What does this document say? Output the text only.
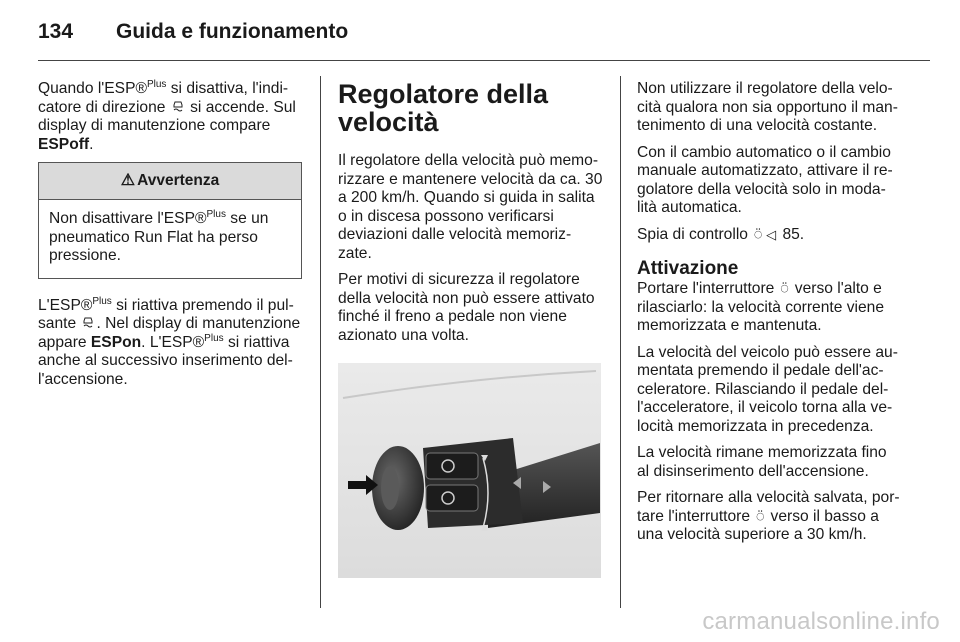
134	Guida e funzionamento

Quando l'ESP®$^{Plus}$ si disattiva, l'indi- catore di direzione  si accende. Sul display di manutenzione compare ESPoff.

⚠ Avvertenza
Non disattivare l'ESP®$^{Plus}$ se un pneumatico Run Flat ha perso pressione.

L'ESP®$^{Plus}$ si riattiva premendo il pul- sante . Nel display di manutenzione appare ESPon. L'ESP®$^{Plus}$ si riattiva anche al successivo inserimento del- l'accensione.

Regolatore della velocità

Il regolatore della velocità può memo- rizzare e mantenere velocità da ca. 30 a 200 km/h. Quando si guida in salita o in discesa possono verificarsi deviazioni dalle velocità memoriz- zate.

Per motivi di sicurezza il regolatore della velocità non può essere attivato finché il freno a pedale non viene azionato una volta.

Non utilizzare il regolatore della velo- cità qualora non sia opportuno il man- tenimento di una velocità costante.

Con il cambio automatico o il cambio manuale automatizzato, attivare il re- golatore della velocità solo in moda- lità automatica.

Spia di controllo ⍥ ◁ 85.

Attivazione

Portare l'interruttore ⍥ verso l'alto e rilasciarlo: la velocità corrente viene memorizzata e mantenuta.

La velocità del veicolo può essere au- mentata premendo il pedale dell'ac- celeratore. Rilasciando il pedale del- l'acceleratore, il veicolo torna alla ve- locità memorizzata in precedenza.

La velocità rimane memorizzata fino al disinserimento dell'accensione.

Per ritornare alla velocità salvata, por- tare l'interruttore ⍥ verso il basso a una velocità superiore a 30 km/h.

carmanualsonline.info
